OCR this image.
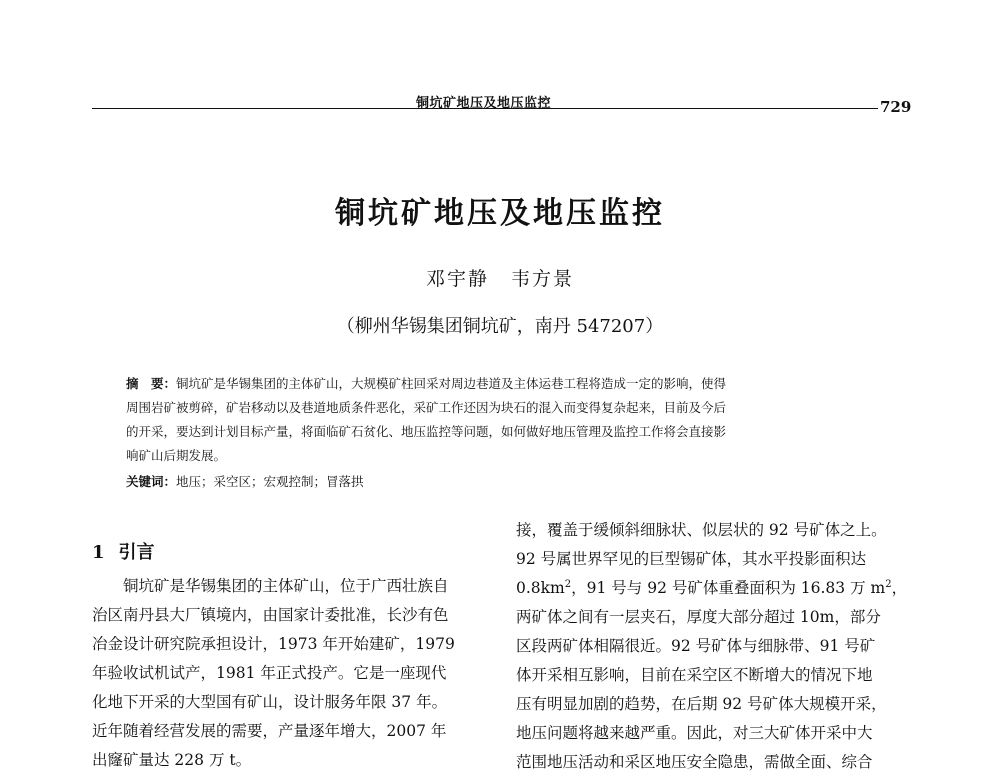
铜坑矿地压及地压监控	729
铜坑矿地压及地压监控
邓宇静 韦方景
（柳州华锡集团铜坑矿，南丹 547207）
摘　要：铜坑矿是华锡集团的主体矿山，大规模矿柱回采对周边巷道及主体运巷工程将造成一定的影响，使得
周围岩矿被剪碎，矿岩移动以及巷道地质条件恶化，采矿工作还因为块石的混入而变得复杂起来，目前及今后
的开采，要达到计划目标产量，将面临矿石贫化、地压监控等问题，如何做好地压管理及监控工作将会直接影
响矿山后期发展。
关键词：地压；采空区；宏观控制；冒落拱
1 引言
铜坑矿是华锡集团的主体矿山，位于广西壮族自
治区南丹县大厂镇境内，由国家计委批准，长沙有色
冶金设计研究院承担设计，1973 年开始建矿，1979
年验收试机试产，1981 年正式投产。它是一座现代
化地下开采的大型国有矿山，设计服务年限 37 年。
近年随着经营发展的需要，产量逐年增大，2007 年
出窿矿量达 228 万 t。
接，覆盖于缓倾斜细脉状、似层状的 92 号矿体之上。
92 号属世界罕见的巨型锡矿体，其水平投影面积达
$0.8km^2$，91 号与 92 号矿体重叠面积为 16.83 万 $m^2$，
两矿体之间有一层夹石，厚度大部分超过 10m，部分
区段两矿体相隔很近。92 号矿体与细脉带、91 号矿
体开采相互影响，目前在采空区不断增大的情况下地
压有明显加剧的趋势，在后期 92 号矿体大规模开采，
地压问题将越来越严重。因此，对三大矿体开采中大
范围地压活动和采区地压安全隐患，需做全面、综合
